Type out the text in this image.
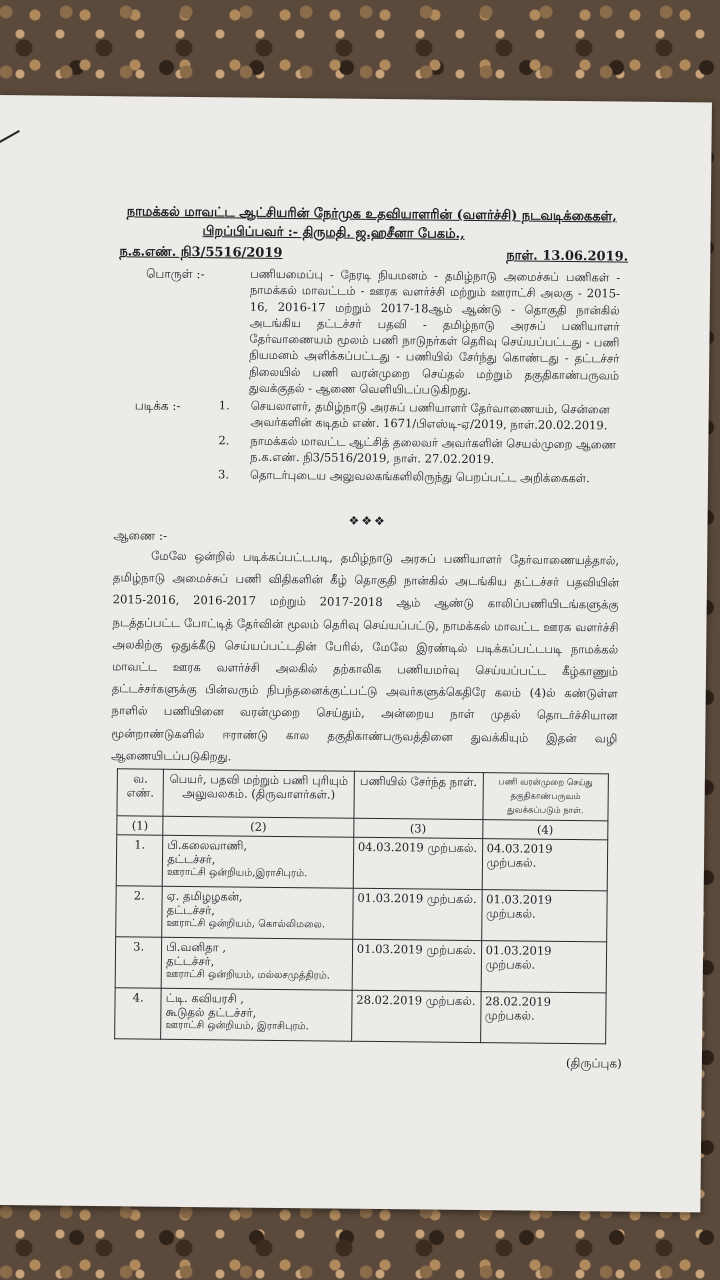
நாமக்கல் மாவட்ட ஆட்சியரின் நேர்முக உதவியாளரின் (வளர்ச்சி) நடவடிக்கைகள்,
பிறப்பிப்பவர் :- திருமதி. ஜ.ஹசீனா பேகம்.,
ந.க.எண். நி3/5516/2019	நாள். 13.06.2019.
பொருள் :-	பணியமைப்பு - நேரடி நியமனம் - தமிழ்நாடு அமைச்சுப் பணிகள் - நாமக்கல் மாவட்டம் - ஊரக வளர்ச்சி மற்றும் ஊராட்சி அலகு - 2015-16, 2016-17 மற்றும் 2017-18ஆம் ஆண்டு - தொகுதி நான்கில் அடங்கிய தட்டச்சர் பதவி - தமிழ்நாடு அரசுப் பணியாளர் தேர்வாணையம் மூலம் பணி நாடுநர்கள் தெரிவு செய்யப்பட்டது - பணி நியமனம் அளிக்கப்பட்டது - பணியில் சேர்ந்து கொண்டது - தட்டச்சர் நிலையில் பணி வரன்முறை செய்தல் மற்றும் தகுதிகாண்பருவம் துவக்குதல் - ஆணை வெளியிடப்படுகிறது.
படிக்க :-	1. செயலாளர், தமிழ்நாடு அரசுப் பணியாளர் தேர்வாணையம், சென்னை அவர்களின் கடிதம் எண். 1671/பிஎஸ்டி-ஏ/2019, நாள்.20.02.2019.
2. நாமக்கல் மாவட்ட ஆட்சித் தலைவர் அவர்களின் செயல்முறை ஆணை ந.க.எண். நி3/5516/2019, நாள். 27.02.2019.
3. தொடர்புடைய அலுவலகங்களிலிருந்து பெறப்பட்ட அறிக்கைகள்.
❖❖❖
ஆணை :-
மேலே ஒன்றில் படிக்கப்பட்டபடி, தமிழ்நாடு அரசுப் பணியாளர் தேர்வாணையத்தால், தமிழ்நாடு அமைச்சுப் பணி விதிகளின் கீழ் தொகுதி நான்கில் அடங்கிய தட்டச்சர் பதவியின் 2015-2016, 2016-2017 மற்றும் 2017-2018 ஆம் ஆண்டு காலிப்பணியிடங்களுக்கு நடத்தப்பட்ட போட்டித் தேர்வின் மூலம் தெரிவு செய்யப்பட்டு, நாமக்கல் மாவட்ட ஊரக வளர்ச்சி அலகிற்கு ஒதுக்கீடு செய்யப்பட்டதின் பேரில், மேலே இரண்டில் படிக்கப்பட்டபடி நாமக்கல் மாவட்ட ஊரக வளர்ச்சி அலகில் தற்காலிக பணியமர்வு செய்யப்பட்ட கீழ்காணும் தட்டச்சர்களுக்கு பின்வரும் நிபந்தனைக்குட்பட்டு அவர்களுக்கெதிரே கலம் (4)ல் கண்டுள்ள நாளில் பணியினை வரன்முறை செய்தும், அன்றைய நாள் முதல் தொடர்ச்சியான மூன்றாண்டுகளில் ஈராண்டு கால தகுதிகாண்பருவத்தினை துவக்கியும் இதன் வழி ஆணையிடப்படுகிறது.
வ. எண்.	பெயர், பதவி மற்றும் பணி புரியும் அலுவலகம். (திருவாளர்கள்.)	பணியில் சேர்ந்த நாள்.	பணி வரன்முறை செய்து தகுதிகாண்பருவம் துவக்கப்படும் நாள்.
(1)	(2)	(3)	(4)
1.	பி.கலைவாணி,
தட்டச்சர்,
ஊராட்சி ஒன்றியம்,இராசிபுரம்.	04.03.2019 முற்பகல்.	04.03.2019 முற்பகல்.
2.	ஏ. தமிழழகன்,
தட்டச்சர்,
ஊராட்சி ஒன்றியம், கொல்லிமலை.	01.03.2019 முற்பகல்.	01.03.2019 முற்பகல்.
3.	பி.வனிதா ,
தட்டச்சர்,
ஊராட்சி ஒன்றியம், மல்லசமுத்திரம்.	01.03.2019 முற்பகல்.	01.03.2019 முற்பகல்.
4.	ட்டி. கவியரசி ,
கூடுதல் தட்டச்சர்,
ஊராட்சி ஒன்றியம், இராசிபுரம்.	28.02.2019 முற்பகல்.	28.02.2019 முற்பகல்.
(திருப்புக)
